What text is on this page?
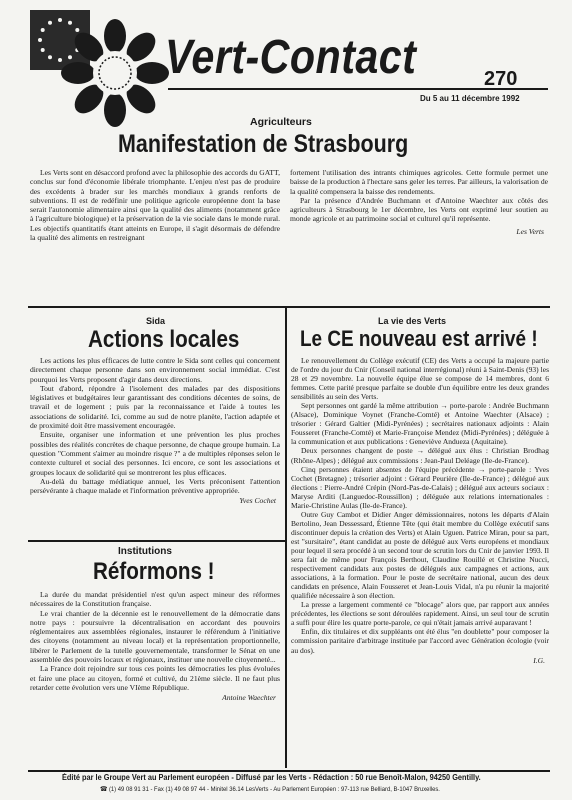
Vert-Contact	270
Du 5 au 11 décembre 1992
Agriculteurs
Manifestation de Strasbourg

Les Verts sont en désaccord profond avec la philosophie des accords du GATT, conclus sur fond d'économie libérale triomphante. L'enjeu n'est pas de produire des excédents à brader sur les marchés mondiaux à grands renforts de subventions. Il est de redéfinir une politique agricole européenne dont la base serait l'autonomie alimentaire ainsi que la qualité des aliments (notamment grâce à l'agriculture biologique) et la préservation de la vie sociale dans le monde rural. Les objectifs quantitatifs étant atteints en Europe, il s'agit désormais de défendre la qualité des aliments en restreignant

fortement l'utilisation des intrants chimiques agricoles. Cette formule permet une baisse de la production à l'hectare sans geler les terres. Par ailleurs, la valorisation de la qualité compensera la baisse des rendements.

Par la présence d'Andrée Buchmann et d'Antoine Waechter aux côtés des agriculteurs à Strasbourg le 1er décembre, les Verts ont exprimé leur soutien au monde agricole et au patrimoine social et culturel qu'il représente.

Les Verts
Sida
Actions locales

Les actions les plus efficaces de lutte contre le Sida sont celles qui concernent directement chaque personne dans son environnement social immédiat. C'est pourquoi les Verts proposent d'agir dans deux directions.

Tout d'abord, répondre à l'isolement des malades par des dispositions législatives et budgétaires leur garantissant des conditions décentes de soins, de travail et de logement ; puis par la reconnaissance et l'aide à toutes les associations de solidarité. Ici, comme au sud de notre planète, l'action adaptée et de proximité doit être massivement encouragée.

Ensuite, organiser une information et une prévention les plus proches possibles des réalités concrètes de chaque personne, de chaque groupe humain. La question "Comment s'aimer au moindre risque ?" a de multiples réponses selon le contexte culturel et social des personnes. Ici encore, ce sont les associations et groupes locaux de solidarité qui se montreront les plus efficaces.

Au-delà du battage médiatique annuel, les Verts préconisent l'attention persévérante à chaque malade et l'information préventive appropriée.

Yves Cochet
Institutions
Réformons !

La durée du mandat présidentiel n'est qu'un aspect mineur des réformes nécessaires de la Constitution française.

Le vrai chantier de la décennie est le renouvellement de la démocratie dans notre pays : poursuivre la décentralisation en accordant des pouvoirs réglementaires aux assemblées régionales, instaurer le référendum à l'initiative des citoyens (notamment au niveau local) et la représentation proportionnelle, libérer le Parlement de la tutelle gouvernementale, transformer le Sénat en une assemblée des pouvoirs locaux et régionaux, instituer une nouvelle citoyenneté...

La France doit rejoindre sur tous ces points les démocraties les plus évoluées et faire une place au citoyen, formé et cultivé, du 21ème siècle. Il ne faut plus retarder cette évolution vers une VIème République.

Antoine Waechter
La vie des Verts
Le CE nouveau est arrivé !

Le renouvellement du Collège exécutif (CE) des Verts a occupé la majeure partie de l'ordre du jour du Cnir (Conseil national interrégional) réuni à Saint-Denis (93) les 28 et 29 novembre. La nouvelle équipe élue se compose de 14 membres, dont 6 femmes. Cette parité presque parfaite se double d'un équilibre entre les deux grandes sensibilités au sein des Verts.

Sept personnes ont gardé la même attribution → porte-parole : Andrée Buchmann (Alsace), Dominique Voynet (Franche-Comté) et Antoine Waechter (Alsace) ; trésorier : Gérard Galtier (Midi-Pyrénées) ; secrétaires nationaux adjoints : Alain Fousseret (Franche-Comté) et Marie-Françoise Mendez (Midi-Pyrénées) ; déléguée à la communication et aux publications : Geneviève Andueza (Aquitaine).

Deux personnes changent de poste → délégué aux élus : Christian Brodhag (Rhône-Alpes) ; délégué aux commissions : Jean-Paul Deléage (Ile-de-France).

Cinq personnes étaient absentes de l'équipe précédente → porte-parole : Yves Cochet (Bretagne) ; trésorier adjoint : Gérard Peurière (Ile-de-France) ; délégué aux élections : Pierre-André Crépin (Nord-Pas-de-Calais) ; délégué aux acteurs sociaux : Maryse Arditi (Languedoc-Roussillon) ; déléguée aux relations internationales : Marie-Christine Aulas (Ile-de-France).

Outre Guy Cambot et Didier Anger démissionnaires, notons les départs d'Alain Bertolino, Jean Dessessard, Étienne Tête (qui était membre du Collège exécutif sans discontinuer depuis la création des Verts) et Alain Uguen. Patrice Miran, pour sa part, est "sursitaire", étant candidat au poste de délégué aux Verts européens et mondiaux pour lequel il sera procédé à un second tour de scrutin lors du Cnir de janvier 1993. Il sera fait de même pour François Berthout, Claudine Rouillé et Christine Nucci, respectivement candidats aux postes de délégués aux campagnes et actions, aux associations, à la formation. Pour le poste de secrétaire national, aucun des deux candidats en présence, Alain Fousseret et Jean-Louis Vidal, n'a pu réunir la majorité qualifiée nécessaire à son élection.

La presse a largement commenté ce "blocage" alors que, par rapport aux années précédentes, les élections se sont déroulées rapidement. Ainsi, un seul tour de scrutin a suffi pour élire les quatre porte-parole, ce qui n'était jamais arrivé auparavant !

Enfin, dix titulaires et dix suppléants ont été élus "en doublette" pour composer la commission paritaire d'arbitrage instituée par l'accord avec Génération écologie (voir au dos).

I.G.
Édité par le Groupe Vert au Parlement européen - Diffusé par les Verts - Rédaction : 50 rue Benoît-Malon, 94250 Gentilly.
☎ (1) 49 08 91 31 - Fax (1) 49 08 97 44 - Minitel 36.14 LesVerts - Au Parlement Européen : 97-113 rue Belliard, B-1047 Bruxelles.
